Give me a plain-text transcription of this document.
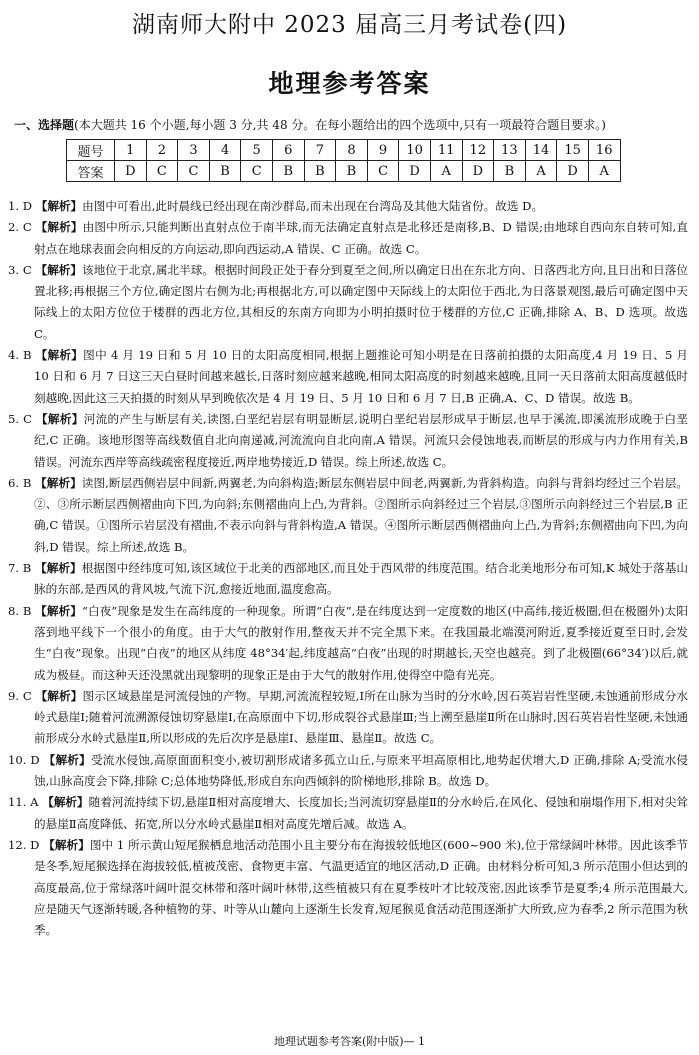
湖南师大附中 2023 届高三月考试卷(四)
地理参考答案
一、选择题(本大题共 16 个小题,每小题 3 分,共 48 分。在每小题给出的四个选项中,只有一项最符合题目要求。)
题号	1	2	3	4	5	6	7	8	9	10	11	12	13	14	15	16
答案	D	C	C	B	C	B	B	B	C	D	A	D	B	A	D	A

1. D 【解析】由图中可看出,此时晨线已经出现在南沙群岛,而未出现在台湾岛及其他大陆省份。故选 D。

2. C 【解析】由图中所示,只能判断出直射点位于南半球,而无法确定直射点是北移还是南移,B、D 错误;由地球自西向东自转可知,直射点在地球表面会向相反的方向运动,即向西运动,A 错误、C 正确。故选 C。

3. C 【解析】该地位于北京,属北半球。根据时间段正处于春分到夏至之间,所以确定日出在东北方向、日落西北方向,且日出和日落位置北移;再根据三个方位,确定图片右侧为北;再根据北方,可以确定图中天际线上的太阳位于西北,为日落景观图,最后可确定图中天际线上的太阳方位位于楼群的西北方位,其相反的东南方向即为小明拍摄时位于楼群的方位,C 正确,排除 A、B、D 选项。故选 C。

4. B 【解析】图中 4 月 19 日和 5 月 10 日的太阳高度相同,根据上题推论可知小明是在日落前拍摄的太阳高度,4 月 19 日、5 月 10 日和 6 月 7 日这三天白昼时间越来越长,日落时刻应越来越晚,相同太阳高度的时刻越来越晚,且同一天日落前太阳高度越低时刻越晚,因此这三天拍摄的时刻从早到晚依次是 4 月 19 日、5 月 10 日和 6 月 7 日,B 正确,A、C、D 错误。故选 B。

5. C 【解析】河流的产生与断层有关,读图,白垩纪岩层有明显断层,说明白垩纪岩层形成早于断层,也早于溪流,即溪流形成晚于白垩纪,C 正确。该地形图等高线数值自北向南递减,河流流向自北向南,A 错误。河流只会侵蚀地表,而断层的形成与内力作用有关,B 错误。河流东西岸等高线疏密程度接近,两岸地势接近,D 错误。综上所述,故选 C。

6. B 【解析】读图,断层西侧岩层中间新,两翼老,为向斜构造;断层东侧岩层中间老,两翼新,为背斜构造。向斜与背斜均经过三个岩层。②、③所示断层西侧褶曲向下凹,为向斜;东侧褶曲向上凸,为背斜。②图所示向斜经过三个岩层,③图所示向斜经过三个岩层,B 正确,C 错误。①图所示岩层没有褶曲,不表示向斜与背斜构造,A 错误。④图所示断层西侧褶曲向上凸,为背斜;东侧褶曲向下凹,为向斜,D 错误。综上所述,故选 B。

7. B 【解析】根据图中经纬度可知,该区域位于北美的西部地区,而且处于西风带的纬度范围。结合北美地形分布可知,K 城处于落基山脉的东部,是西风的背风坡,气流下沉,愈接近地面,温度愈高。

8. B 【解析】“白夜”现象是发生在高纬度的一种现象。所谓“白夜”,是在纬度达到一定度数的地区(中高纬,接近极圈,但在极圈外)太阳落到地平线下一个很小的角度。由于大气的散射作用,整夜天并不完全黑下来。在我国最北端漠河附近,夏季接近夏至日时,会发生“白夜”现象。出现“白夜”的地区从纬度 48°34′起,纬度越高“白夜”出现的时期越长,天空也越亮。到了北极圈(66°34′)以后,就成为极昼。而这种天还没黑就出现黎明的现象正是由于大气的散射作用,使得空中隐有光亮。

9. C 【解析】图示区域悬崖是河流侵蚀的产物。早期,河流流程较短,Ⅰ所在山脉为当时的分水岭,因石英岩岩性坚硬,未蚀通前形成分水岭式悬崖Ⅰ;随着河流溯源侵蚀切穿悬崖Ⅰ,在高原面中下切,形成裂谷式悬崖Ⅲ;当上溯至悬崖Ⅱ所在山脉时,因石英岩岩性坚硬,未蚀通前形成分水岭式悬崖Ⅱ,所以形成的先后次序是悬崖Ⅰ、悬崖Ⅲ、悬崖Ⅱ。故选 C。

10. D 【解析】受流水侵蚀,高原面面积变小,被切割形成诸多孤立山丘,与原来平坦高原相比,地势起伏增大,D 正确,排除 A;受流水侵蚀,山脉高度会下降,排除 C;总体地势降低,形成自东向西倾斜的阶梯地形,排除 B。故选 D。

11. A 【解析】随着河流持续下切,悬崖Ⅱ相对高度增大、长度加长;当河流切穿悬崖Ⅱ的分水岭后,在风化、侵蚀和崩塌作用下,相对尖耸的悬崖Ⅱ高度降低、拓宽,所以分水岭式悬崖Ⅱ相对高度先增后减。故选 A。

12. D 【解析】图中 1 所示黄山短尾猴栖息地活动范围小且主要分布在海拔较低地区(600~900 米),位于常绿阔叶林带。因此该季节是冬季,短尾猴选择在海拔较低,植被茂密、食物更丰富、气温更适宜的地区活动,D 正确。由材料分析可知,3 所示范围小但达到的高度最高,位于常绿落叶阔叶混交林带和落叶阔叶林带,这些植被只有在夏季枝叶才比较茂密,因此该季节是夏季;4 所示范围最大,应是随天气逐渐转暖,各种植物的芽、叶等从山麓向上逐渐生长发育,短尾猴觅食活动范围逐渐扩大所致,应为春季,2 所示范围为秋季。

地理试题参考答案(附中版)— 1
